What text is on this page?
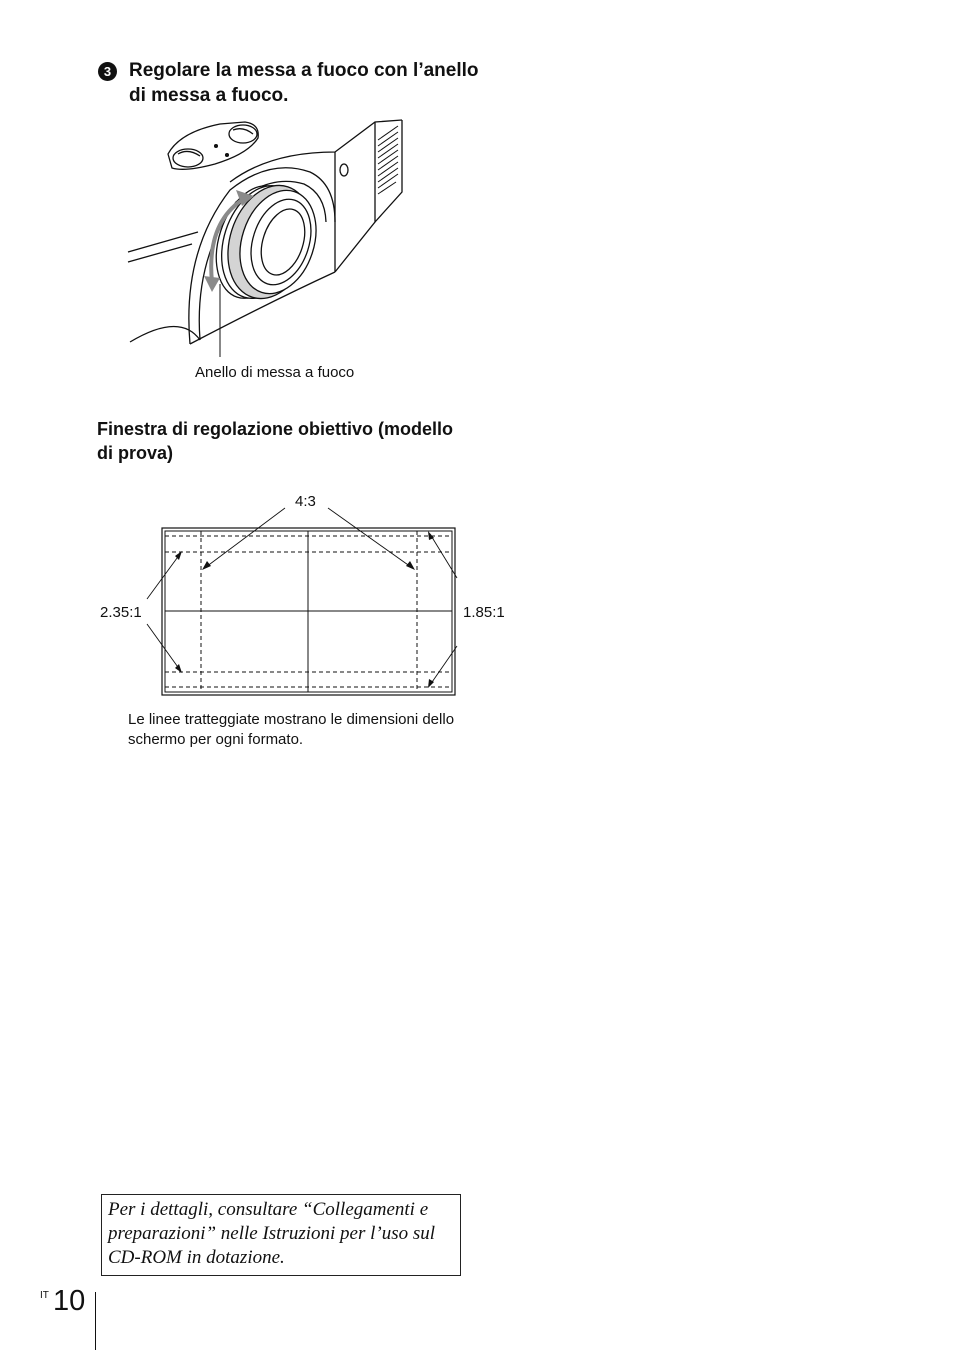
3 Regolare la messa a fuoco con l’anello di messa a fuoco.
Anello di messa a fuoco
Finestra di regolazione obiettivo (modello di prova)
4:3
2.35:1	1.85:1

Le linee tratteggiate mostrano le dimensioni dello schermo per ogni formato.

Per i dettagli, consultare “Collegamenti e preparazioni” nelle Istruzioni per l’uso sul CD-ROM in dotazione.
IT 10
